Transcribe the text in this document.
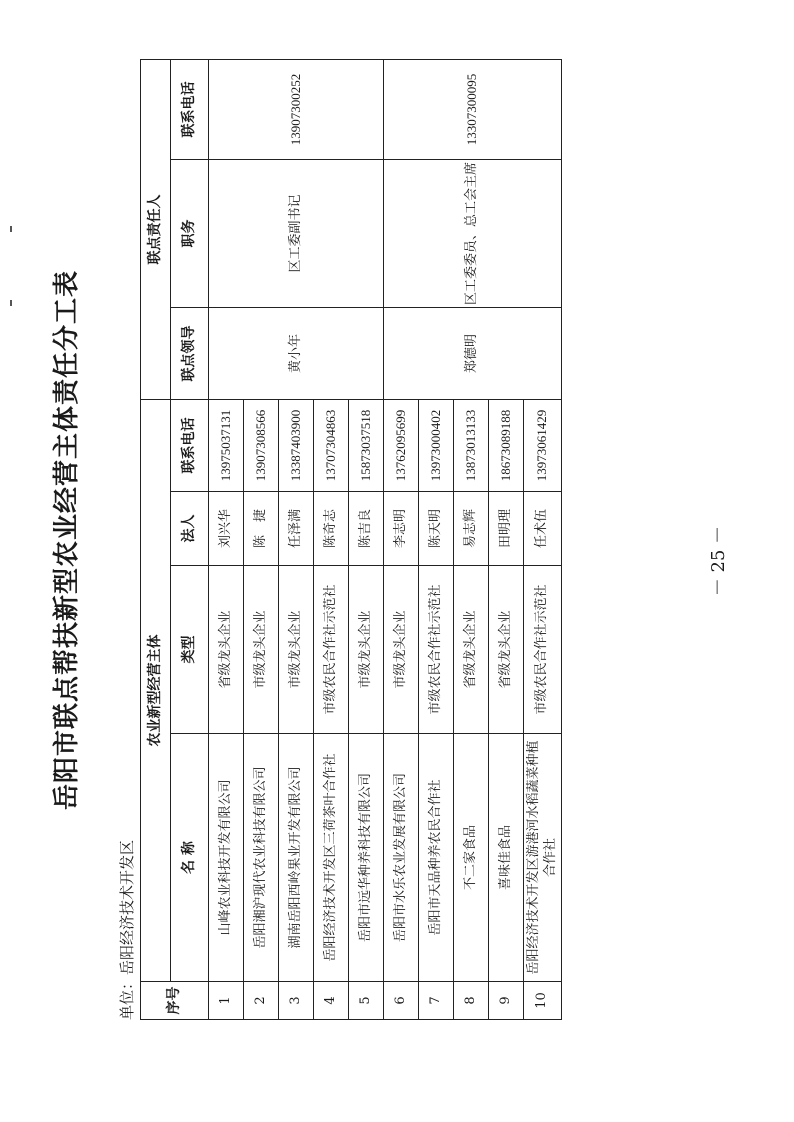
岳阳市联点帮扶新型农业经营主体责任分工表
单位：岳阳经济技术开发区 序号	农业新型经营主体				联点责任人		
	名 称	类型	法人	联系电话	联点领导	职务	联系电话
1	山峰农业科技开发有限公司	省级龙头企业	刘兴华	13975037131	黄小年	区工委副书记	13907300252
2	岳阳湘沪现代农业科技有限公司	市级龙头企业	陈　捷	13907308566			
3	湖南岳阳西岭果业开发有限公司	市级龙头企业	任泽满	13387403900			
4	岳阳经济技术开发区三荷茶叶合作社	市级农民合作社示范社	陈奇志	13707304863			
5	岳阳市远华种养科技有限公司	市级龙头企业	陈吉良	15873037518			
6	岳阳市水乐农业发展有限公司	市级龙头企业	李志明	13762095699	郑德明	区工委委员、总工会主席	13307300095
7	岳阳市天品种养农民合作社	市级农民合作社示范社	陈天明	13973000402			
8	不二家食品	省级龙头企业	易志辉	13873013133			
9	喜味佳食品	省级龙头企业	田明理	18673089188			
10	岳阳经济技术开发区游港河水稻蔬菜种植合作社	市级农民合作社示范社	任术伍	13973061429			
－ 25 －
